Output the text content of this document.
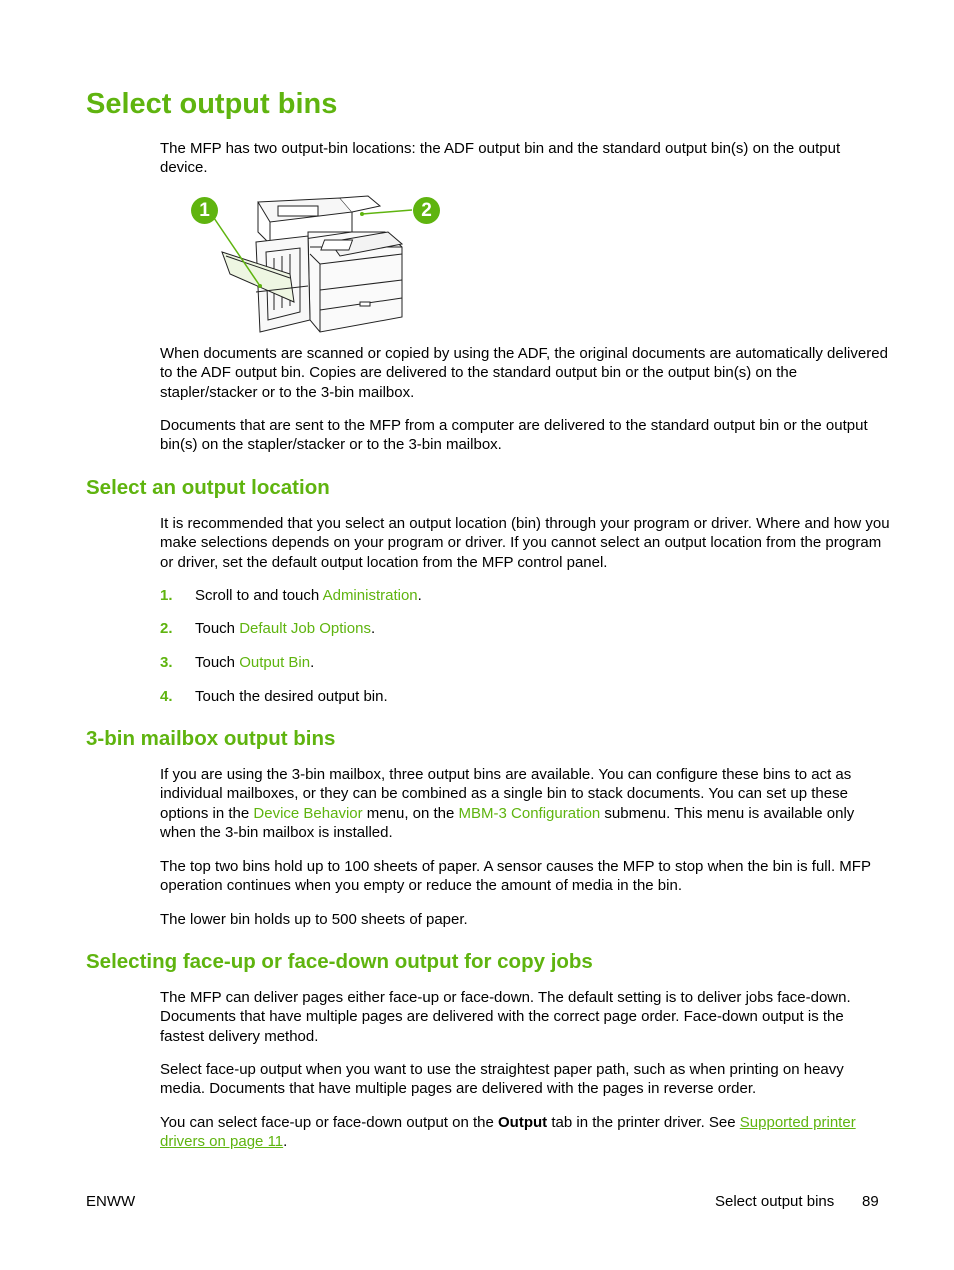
Select output bins

The MFP has two output-bin locations: the ADF output bin and the standard output bin(s) on the output device.

1	2

When documents are scanned or copied by using the ADF, the original documents are automatically delivered to the ADF output bin. Copies are delivered to the standard output bin or the output bin(s) on the stapler/stacker or to the 3-bin mailbox.

Documents that are sent to the MFP from a computer are delivered to the standard output bin or the output bin(s) on the stapler/stacker or to the 3-bin mailbox.

Select an output location

It is recommended that you select an output location (bin) through your program or driver. Where and how you make selections depends on your program or driver. If you cannot select an output location from the program or driver, set the default output location from the MFP control panel.

1. Scroll to and touch Administration.
2. Touch Default Job Options.
3. Touch Output Bin.
4. Touch the desired output bin.
3-bin mailbox output bins

If you are using the 3-bin mailbox, three output bins are available. You can configure these bins to act as individual mailboxes, or they can be combined as a single bin to stack documents. You can set up these options in the Device Behavior menu, on the MBM-3 Configuration submenu. This menu is available only when the 3-bin mailbox is installed.

The top two bins hold up to 100 sheets of paper. A sensor causes the MFP to stop when the bin is full. MFP operation continues when you empty or reduce the amount of media in the bin.

The lower bin holds up to 500 sheets of paper.

Selecting face-up or face-down output for copy jobs

The MFP can deliver pages either face-up or face-down. The default setting is to deliver jobs face-down. Documents that have multiple pages are delivered with the correct page order. Face-down output is the fastest delivery method.

Select face-up output when you want to use the straightest paper path, such as when printing on heavy media. Documents that have multiple pages are delivered with the pages in reverse order.

You can select face-up or face-down output on the Output tab in the printer driver. See Supported printer drivers on page 11.

ENWW	Select output bins 89
